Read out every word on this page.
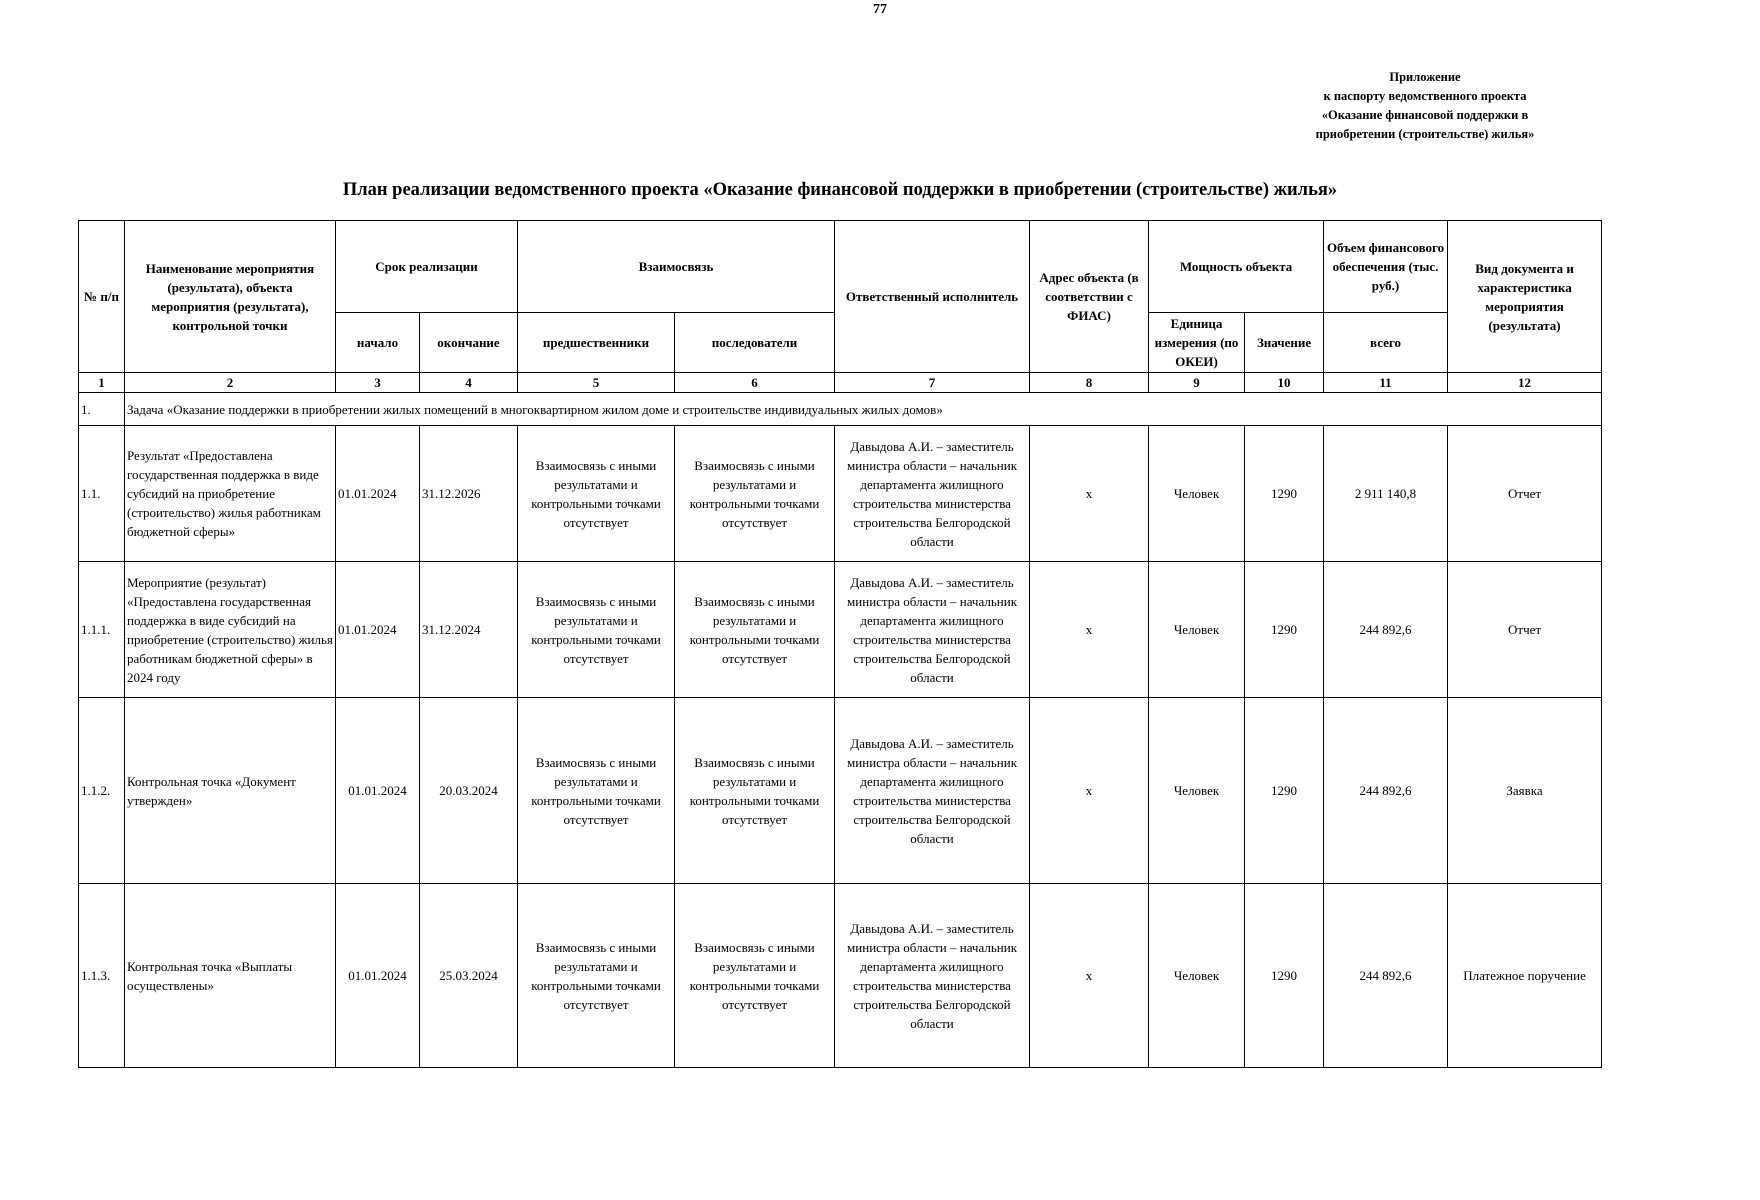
77
Приложение
к паспорту ведомственного проекта
«Оказание финансовой поддержки в
приобретении (строительстве) жилья»
План реализации ведомственного проекта «Оказание финансовой поддержки в приобретении (строительстве) жилья»
№ п/п	Наименование мероприятия (результата), объекта мероприятия (результата), контрольной точки	Срок реализации		Взаимосвязь		Ответственный исполнитель	Адрес объекта (в соответствии с ФИАС)	Мощность объекта		Объем финансового обеспечения (тыс. руб.)	Вид документа и характеристика мероприятия (результата)
		начало	окончание	предшественники	последователи			Единица измерения (по ОКЕИ)	Значение	всего	
1	2	3	4	5	6	7	8	9	10	11	12
1.	Задача «Оказание поддержки в приобретении жилых помещений в многоквартирном жилом доме и строительстве индивидуальных жилых домов»										
1.1.	Результат «Предоставлена государственная поддержка в виде субсидий на приобретение (строительство) жилья работникам бюджетной сферы»	01.01.2024	31.12.2026	Взаимосвязь с иными результатами и контрольными точками отсутствует	Взаимосвязь с иными результатами и контрольными точками отсутствует	Давыдова А.И. – заместитель министра области – начальник департамента жилищного строительства министерства строительства Белгородской области	х	Человек	1290	2 911 140,8	Отчет
1.1.1.	Мероприятие (результат) «Предоставлена государственная поддержка в виде субсидий на приобретение (строительство) жилья работникам бюджетной сферы» в 2024 году	01.01.2024	31.12.2024	Взаимосвязь с иными результатами и контрольными точками отсутствует	Взаимосвязь с иными результатами и контрольными точками отсутствует	Давыдова А.И. – заместитель министра области – начальник департамента жилищного строительства министерства строительства Белгородской области	х	Человек	1290	244 892,6	Отчет
1.1.2.	Контрольная точка «Документ утвержден»	01.01.2024	20.03.2024	Взаимосвязь с иными результатами и контрольными точками отсутствует	Взаимосвязь с иными результатами и контрольными точками отсутствует	Давыдова А.И. – заместитель министра области – начальник департамента жилищного строительства министерства строительства Белгородской области	х	Человек	1290	244 892,6	Заявка
1.1.3.	Контрольная точка «Выплаты осуществлены»	01.01.2024	25.03.2024	Взаимосвязь с иными результатами и контрольными точками отсутствует	Взаимосвязь с иными результатами и контрольными точками отсутствует	Давыдова А.И. – заместитель министра области – начальник департамента жилищного строительства министерства строительства Белгородской области	х	Человек	1290	244 892,6	Платежное поручение
